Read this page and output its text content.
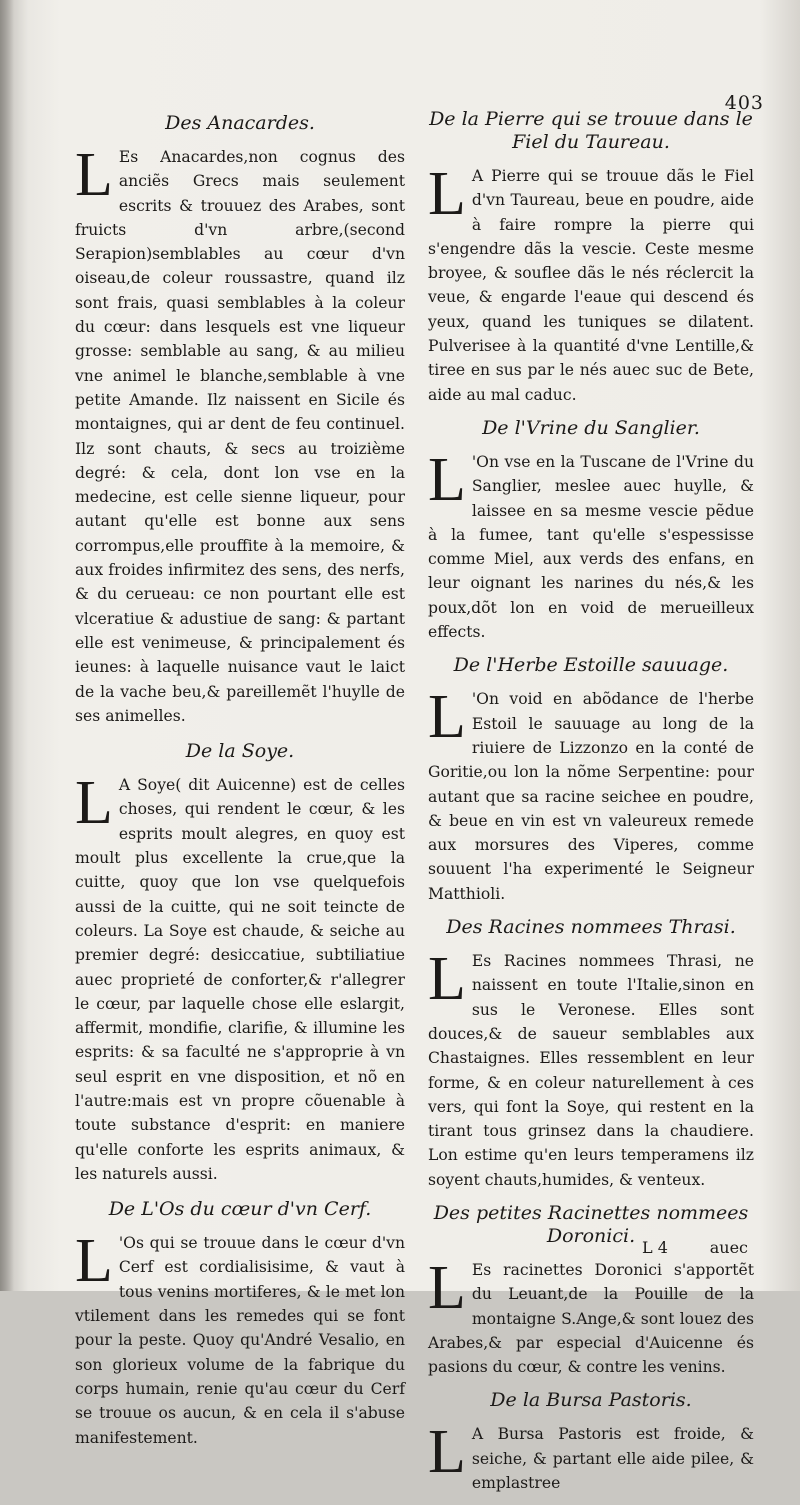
403
Des Anacardes.

L Es Anacardes,non cognus des anciẽs Grecs mais seulement escrits & trouuez des Arabes, sont fruicts d'vn arbre,(second Serapion)semblables au cœur d'vn oiseau,de coleur roussastre, quand ilz sont frais, quasi semblables à la coleur du cœur: dans lesquels est vne liqueur grosse: semblable au sang, & au milieu vne animel le blanche,semblable à vne petite Amande. Ilz naissent en Sicile és montaignes, qui ar dent de feu continuel. Ilz sont chauts, & secs au troizième degré: & cela, dont lon vse en la medecine, est celle sienne liqueur, pour autant qu'elle est bonne aux sens corrompus,elle prouffite à la memoire, & aux froides infirmitez des sens, des nerfs, & du cerueau: ce non pourtant elle est vlceratiue & adustiue de sang: & partant elle est venimeuse, & principalement és ieunes: à laquelle nuisance vaut le laict de la vache beu,& pareillemẽt l'huylle de ses animelles.

De la Soye.

L A Soye( dit Auicenne) est de celles choses, qui rendent le cœur, & les esprits moult alegres, en quoy est moult plus excellente la crue,que la cuitte, quoy que lon vse quelquefois aussi de la cuitte, qui ne soit teincte de coleurs. La Soye est chaude, & seiche au premier degré: desiccatiue, subtiliatiue auec proprieté de conforter,& r'allegrer le cœur, par laquelle chose elle eslargit, affermit, mondifie, clarifie, & illumine les esprits: & sa faculté ne s'approprie à vn seul esprit en vne disposition, et nõ en l'autre:mais est vn propre cõuenable à toute substance d'esprit: en maniere qu'elle conforte les esprits animaux, & les naturels aussi.

De L'Os du cœur d'vn Cerf.

L 'Os qui se trouue dans le cœur d'vn Cerf est cordialisisime, & vaut à tous venins mortiferes, & le met lon vtilement dans les remedes qui se font pour la peste. Quoy qu'André Vesalio, en son glorieux volume de la fabrique du corps humain, renie qu'au cœur du Cerf se trouue os aucun, & en cela il s'abuse manifestement.

De la Pierre qui se trouue dans le Fiel du Taureau.

L A Pierre qui se trouue dãs le Fiel d'vn Taureau, beue en poudre, aide à faire rompre la pierre qui s'engendre dãs la vescie. Ceste mesme broyee, & souflee dãs le nés réclercit la veue, & engarde l'eaue qui descend és yeux, quand les tuniques se dilatent. Pulverisee à la quantité d'vne Lentille,& tiree en sus par le nés auec suc de Bete, aide au mal caduc.

De l'Vrine du Sanglier.

L 'On vse en la Tuscane de l'Vrine du Sanglier, meslee auec huylle, & laissee en sa mesme vescie pẽdue à la fumee, tant qu'elle s'espessisse comme Miel, aux verds des enfans, en leur oignant les narines du nés,& les poux,dõt lon en void de merueilleux effects.

De l'Herbe Estoille sauuage.

L 'On void en abõdance de l'herbe Estoil le sauuage au long de la riuiere de Lizzonzo en la conté de Goritie,ou lon la nõme Serpentine: pour autant que sa racine seichee en poudre, & beue en vin est vn valeureux remede aux morsures des Viperes, comme souuent l'ha experimenté le Seigneur Matthioli.

Des Racines nommees Thrasi.

L Es Racines nommees Thrasi, ne naissent en toute l'Italie,sinon en sus le Veronese. Elles sont douces,& de saueur semblables aux Chastaignes. Elles ressemblent en leur forme, & en coleur naturellement à ces vers, qui font la Soye, qui restent en la tirant tous grinsez dans la chaudiere. Lon estime qu'en leurs temperamens ilz soyent chauts,humides, & venteux.

Des petites Racinettes nommees Doronici.

L Es racinettes Doronici s'apportẽt du Leuant,de la Pouille de la montaigne S.Ange,& sont louez des Arabes,& par especial d'Auicenne és pasions du cœur, & contre les venins.

De la Bursa Pastoris.

L A Bursa Pastoris est froide, & seiche, & partant elle aide pilee, & emplastree

L 4	auec
